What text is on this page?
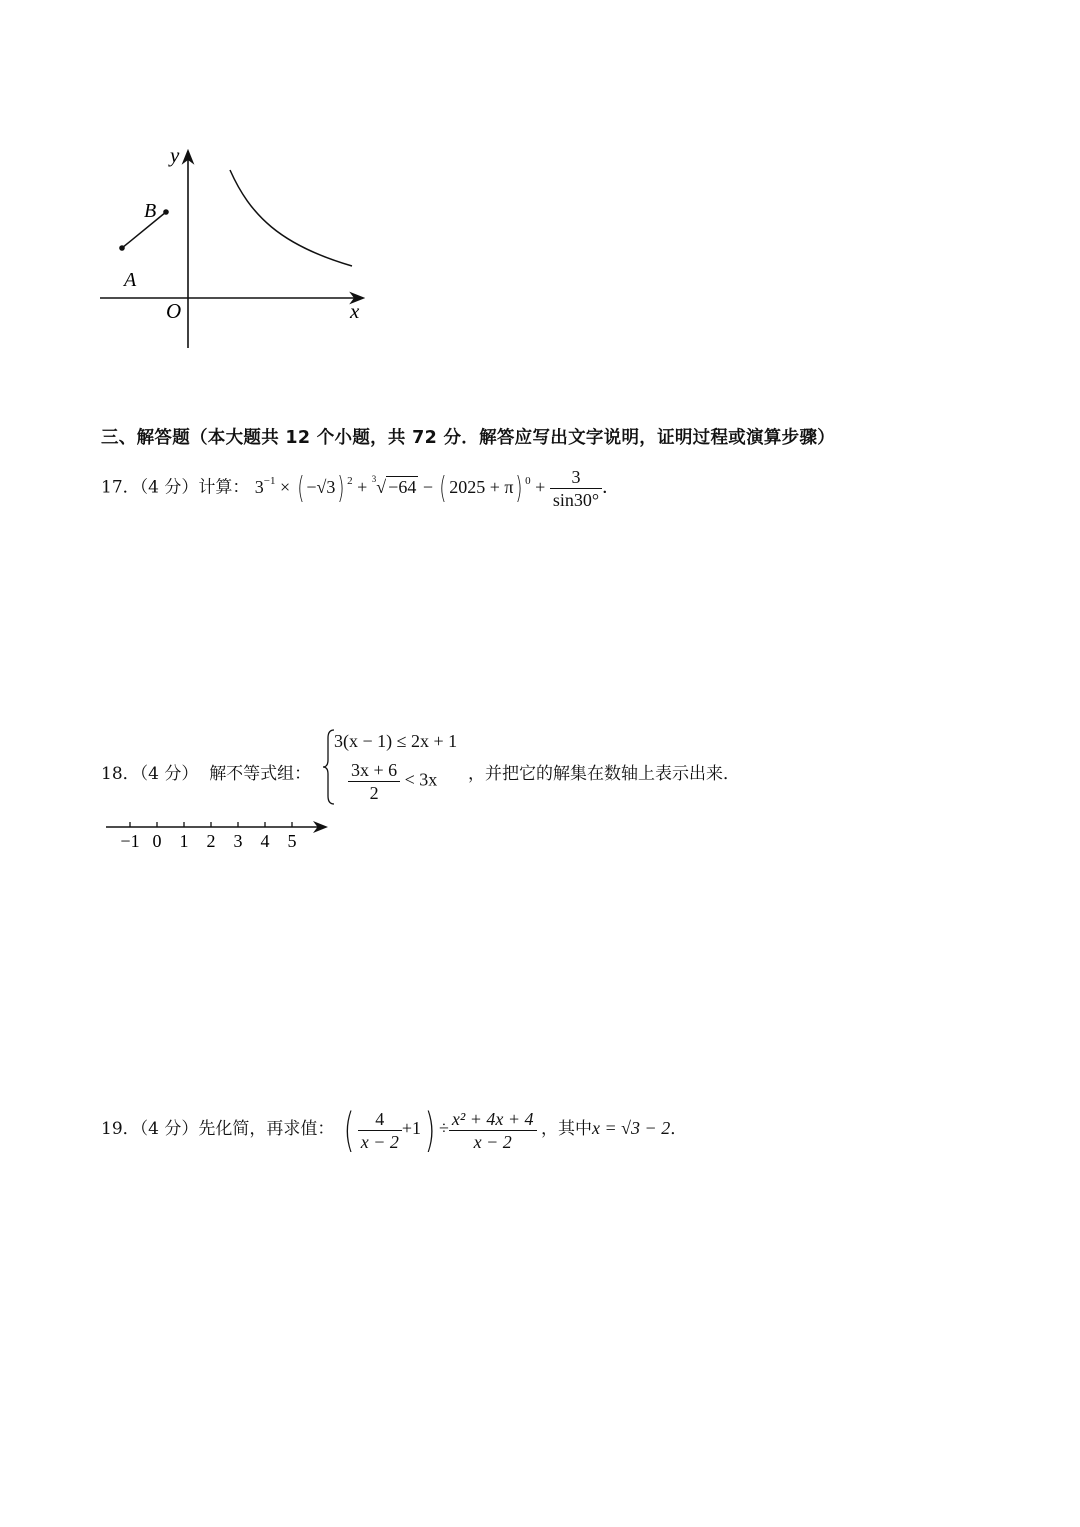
y
x
O
A
B
三、解答题（本大题共 12 个小题，共 72 分．解答应写出文字说明，证明过程或演算步骤）
17．（4 分）计算： $3^{-1}$ × ( −√3) $^2$ + $^3$√ −64 − ( 2025 + π) $^0 + \frac{3}{\sin 30^\circ}$ ．
18．（4 分） 解不等式组：
3(x − 1) ≤ 2x + 1
$\frac{3x + 6}{2} < 3x$ ，并把它的解集在数轴上表示出来．
−1 0 1 2 3 4 5
19．（4 分）先化简，再求值： ( $\frac{4}{x - 2} +1) \div \frac{\text{x² + 4x + 4}}{x - 2}$ ，其中x = √3 − 2．
